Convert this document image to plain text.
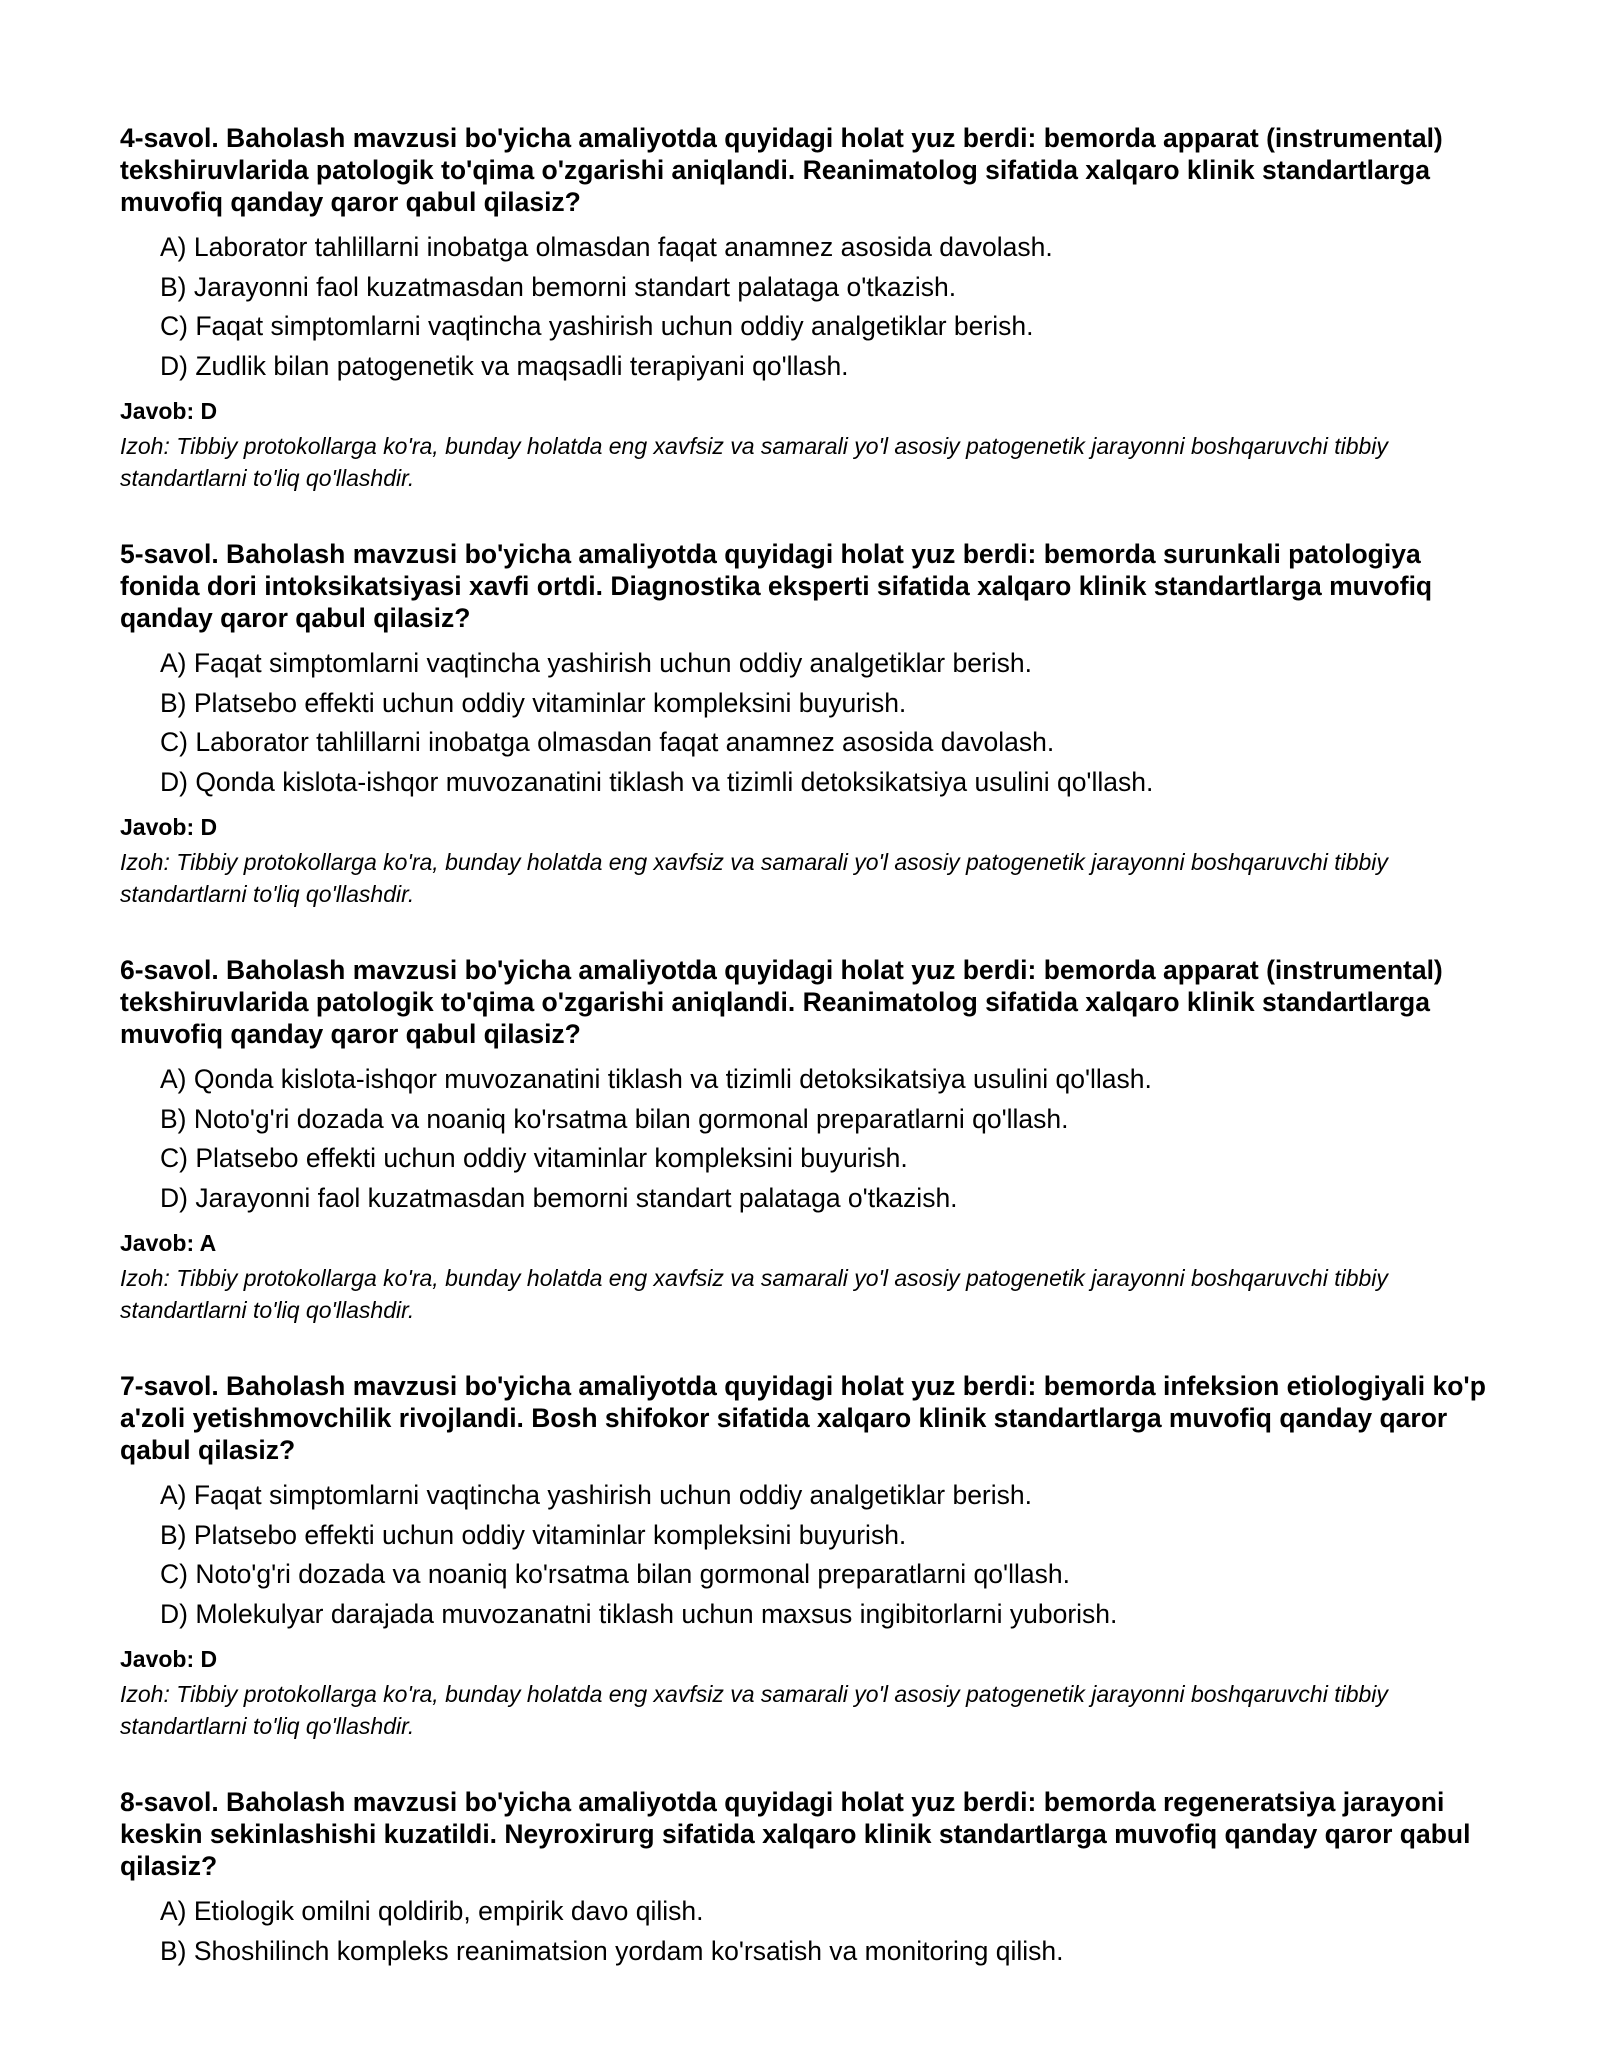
4-savol. Baholash mavzusi bo'yicha amaliyotda quyidagi holat yuz berdi: bemorda apparat (instrumental) tekshiruvlarida patologik to'qima o'zgarishi aniqlandi. Reanimatolog sifatida xalqaro klinik standartlarga muvofiq qanday qaror qabul qilasiz?

A) Laborator tahlillarni inobatga olmasdan faqat anamnez asosida davolash.
B) Jarayonni faol kuzatmasdan bemorni standart palataga o'tkazish.
C) Faqat simptomlarni vaqtincha yashirish uchun oddiy analgetiklar berish.
D) Zudlik bilan patogenetik va maqsadli terapiyani qo'llash.

Javob: D

Izoh: Tibbiy protokollarga ko'ra, bunday holatda eng xavfsiz va samarali yo'l asosiy patogenetik jarayonni boshqaruvchi tibbiy standartlarni to'liq qo'llashdir.

5-savol. Baholash mavzusi bo'yicha amaliyotda quyidagi holat yuz berdi: bemorda surunkali patologiya fonida dori intoksikatsiyasi xavfi ortdi. Diagnostika eksperti sifatida xalqaro klinik standartlarga muvofiq qanday qaror qabul qilasiz?

A) Faqat simptomlarni vaqtincha yashirish uchun oddiy analgetiklar berish.
B) Platsebo effekti uchun oddiy vitaminlar kompleksini buyurish.
C) Laborator tahlillarni inobatga olmasdan faqat anamnez asosida davolash.
D) Qonda kislota-ishqor muvozanatini tiklash va tizimli detoksikatsiya usulini qo'llash.

Javob: D

Izoh: Tibbiy protokollarga ko'ra, bunday holatda eng xavfsiz va samarali yo'l asosiy patogenetik jarayonni boshqaruvchi tibbiy standartlarni to'liq qo'llashdir.

6-savol. Baholash mavzusi bo'yicha amaliyotda quyidagi holat yuz berdi: bemorda apparat (instrumental) tekshiruvlarida patologik to'qima o'zgarishi aniqlandi. Reanimatolog sifatida xalqaro klinik standartlarga muvofiq qanday qaror qabul qilasiz?

A) Qonda kislota-ishqor muvozanatini tiklash va tizimli detoksikatsiya usulini qo'llash.
B) Noto'g'ri dozada va noaniq ko'rsatma bilan gormonal preparatlarni qo'llash.
C) Platsebo effekti uchun oddiy vitaminlar kompleksini buyurish.
D) Jarayonni faol kuzatmasdan bemorni standart palataga o'tkazish.

Javob: A

Izoh: Tibbiy protokollarga ko'ra, bunday holatda eng xavfsiz va samarali yo'l asosiy patogenetik jarayonni boshqaruvchi tibbiy standartlarni to'liq qo'llashdir.

7-savol. Baholash mavzusi bo'yicha amaliyotda quyidagi holat yuz berdi: bemorda infeksion etiologiyali ko'p a'zoli yetishmovchilik rivojlandi. Bosh shifokor sifatida xalqaro klinik standartlarga muvofiq qanday qaror qabul qilasiz?

A) Faqat simptomlarni vaqtincha yashirish uchun oddiy analgetiklar berish.
B) Platsebo effekti uchun oddiy vitaminlar kompleksini buyurish.
C) Noto'g'ri dozada va noaniq ko'rsatma bilan gormonal preparatlarni qo'llash.
D) Molekulyar darajada muvozanatni tiklash uchun maxsus ingibitorlarni yuborish.

Javob: D

Izoh: Tibbiy protokollarga ko'ra, bunday holatda eng xavfsiz va samarali yo'l asosiy patogenetik jarayonni boshqaruvchi tibbiy standartlarni to'liq qo'llashdir.

8-savol. Baholash mavzusi bo'yicha amaliyotda quyidagi holat yuz berdi: bemorda regeneratsiya jarayoni keskin sekinlashishi kuzatildi. Neyroxirurg sifatida xalqaro klinik standartlarga muvofiq qanday qaror qabul qilasiz?

A) Etiologik omilni qoldirib, empirik davo qilish.
B) Shoshilinch kompleks reanimatsion yordam ko'rsatish va monitoring qilish.
